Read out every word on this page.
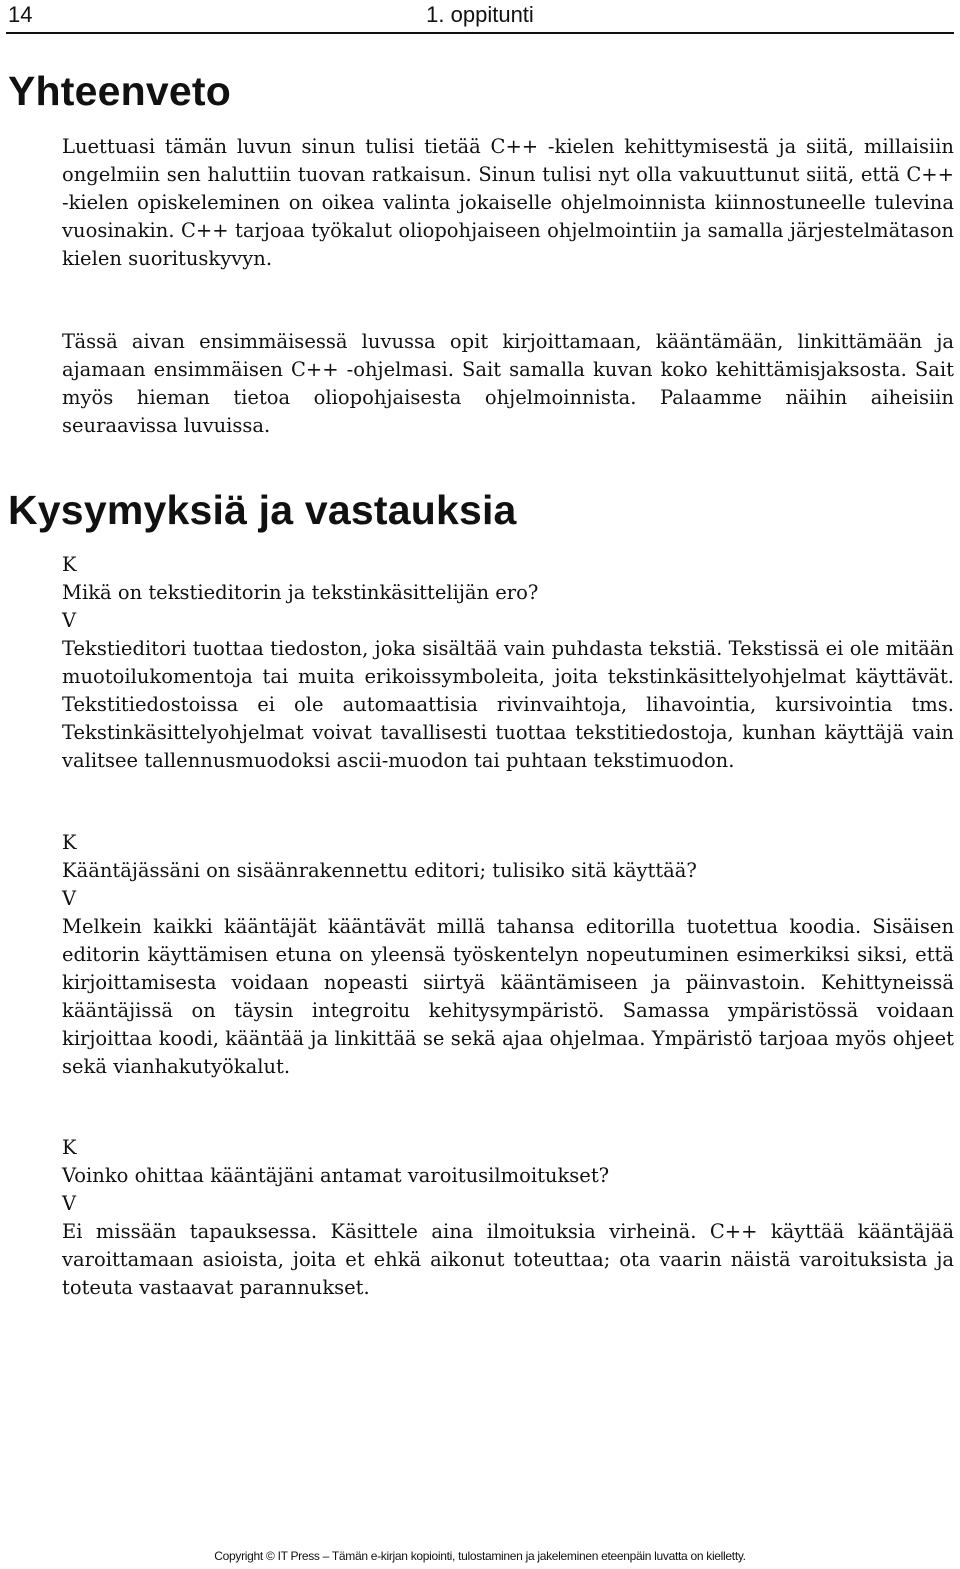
14	1. oppitunti
Yhteenveto

Luettuasi tämän luvun sinun tulisi tietää C++ -kielen kehittymisestä ja siitä, millaisiin ongelmiin sen haluttiin tuovan ratkaisun. Sinun tulisi nyt olla vakuuttunut siitä, että C++ -kielen opiskeleminen on oikea valinta jokaiselle ohjelmoinnista kiinnostuneelle tulevina vuosinakin. C++ tarjoaa työkalut oliopohjaiseen ohjelmointiin ja samalla järjestelmätason kielen suorituskyvyn.

Tässä aivan ensimmäisessä luvussa opit kirjoittamaan, kääntämään, linkittämään ja ajamaan ensimmäisen C++ -ohjelmasi. Sait samalla kuvan koko kehittämisjaksosta. Sait myös hieman tietoa oliopohjaisesta ohjelmoinnista. Palaamme näihin aiheisiin seuraavissa luvuissa.

Kysymyksiä ja vastauksia

K

Mikä on tekstieditorin ja tekstinkäsittelijän ero?

V

Tekstieditori tuottaa tiedoston, joka sisältää vain puhdasta tekstiä. Tekstissä ei ole mitään muotoilukomentoja tai muita erikoissymboleita, joita tekstinkäsittelyohjelmat käyttävät. Tekstitiedostoissa ei ole automaattisia rivinvaihtoja, lihavointia, kursivointia tms. Tekstinkäsittelyohjelmat voivat tavallisesti tuottaa tekstitiedostoja, kunhan käyttäjä vain valitsee tallennusmuodoksi ascii-muodon tai puhtaan tekstimuodon.

K

Kääntäjässäni on sisäänrakennettu editori; tulisiko sitä käyttää?

V

Melkein kaikki kääntäjät kääntävät millä tahansa editorilla tuotettua koodia. Sisäisen editorin käyttämisen etuna on yleensä työskentelyn nopeutuminen esimerkiksi siksi, että kirjoittamisesta voidaan nopeasti siirtyä kääntämiseen ja päinvastoin. Kehittyneissä kääntäjissä on täysin integroitu kehitysympäristö. Samassa ympäristössä voidaan kirjoittaa koodi, kääntää ja linkittää se sekä ajaa ohjelmaa. Ympäristö tarjoaa myös ohjeet sekä vianhakutyökalut.

K

Voinko ohittaa kääntäjäni antamat varoitusilmoitukset?

V

Ei missään tapauksessa. Käsittele aina ilmoituksia virheinä. C++ käyttää kääntäjää varoittamaan asioista, joita et ehkä aikonut toteuttaa; ota vaarin näistä varoituksista ja toteuta vastaavat parannukset.

Copyright © IT Press – Tämän e-kirjan kopiointi, tulostaminen ja jakeleminen eteenpäin luvatta on kielletty.
